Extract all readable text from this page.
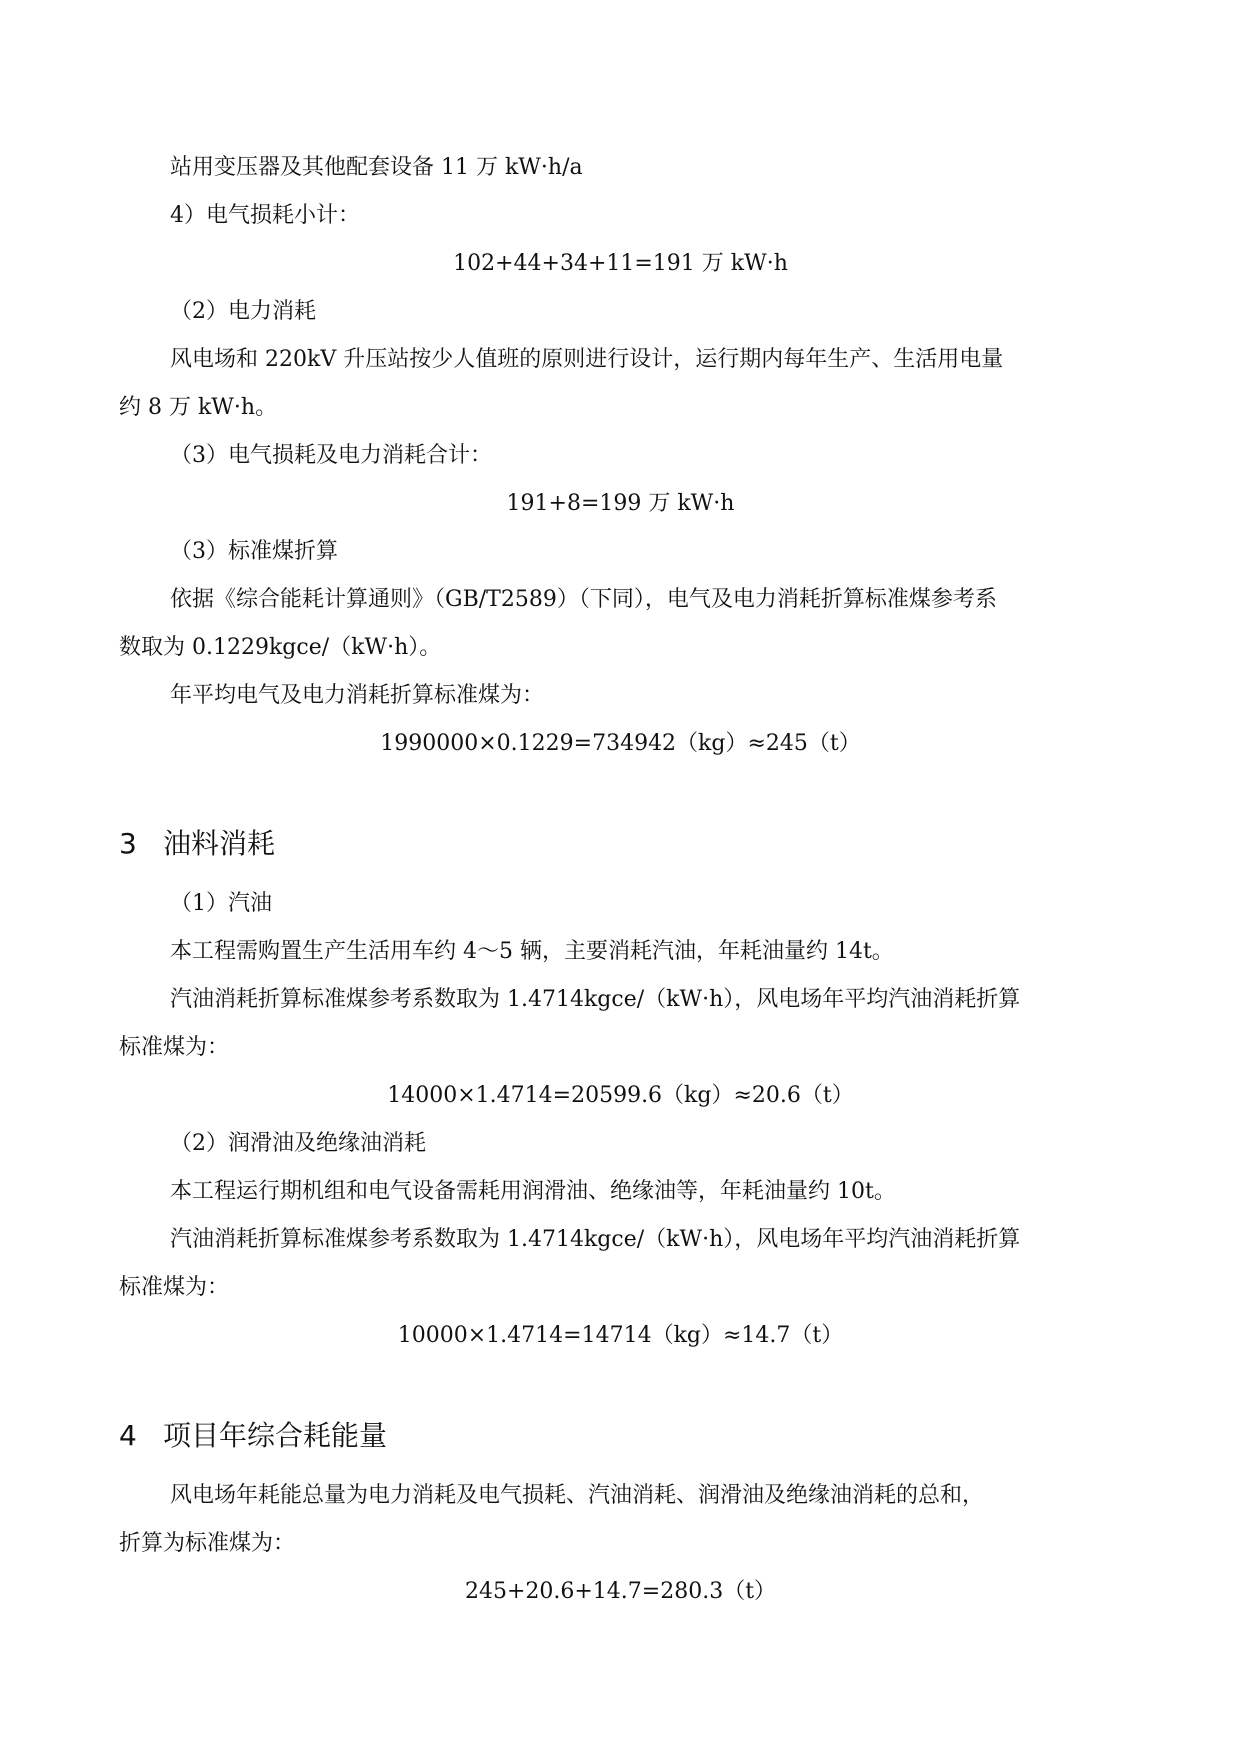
站用变压器及其他配套设备 11 万 kW·h/a
4）电气损耗小计：
102+44+34+11=191 万 kW·h
（2）电力消耗
风电场和 220kV 升压站按少人值班的原则进行设计，运行期内每年生产、生活用电量
约 8 万 kW·h。
（3）电气损耗及电力消耗合计：
191+8=199 万 kW·h
（3）标准煤折算
依据《综合能耗计算通则》（GB/T2589）（下同），电气及电力消耗折算标准煤参考系
数取为 0.1229kgce/（kW·h）。
年平均电气及电力消耗折算标准煤为：
1990000×0.1229=734942（kg）≈245（t）
3 油料消耗
（1）汽油
本工程需购置生产生活用车约 4～5 辆，主要消耗汽油，年耗油量约 14t。
汽油消耗折算标准煤参考系数取为 1.4714kgce/（kW·h），风电场年平均汽油消耗折算
标准煤为：
14000×1.4714=20599.6（kg）≈20.6（t）
（2）润滑油及绝缘油消耗
本工程运行期机组和电气设备需耗用润滑油、绝缘油等，年耗油量约 10t。
汽油消耗折算标准煤参考系数取为 1.4714kgce/（kW·h），风电场年平均汽油消耗折算
标准煤为：
10000×1.4714=14714（kg）≈14.7（t）
4 项目年综合耗能量
风电场年耗能总量为电力消耗及电气损耗、汽油消耗、润滑油及绝缘油消耗的总和，
折算为标准煤为：
245+20.6+14.7=280.3（t）
